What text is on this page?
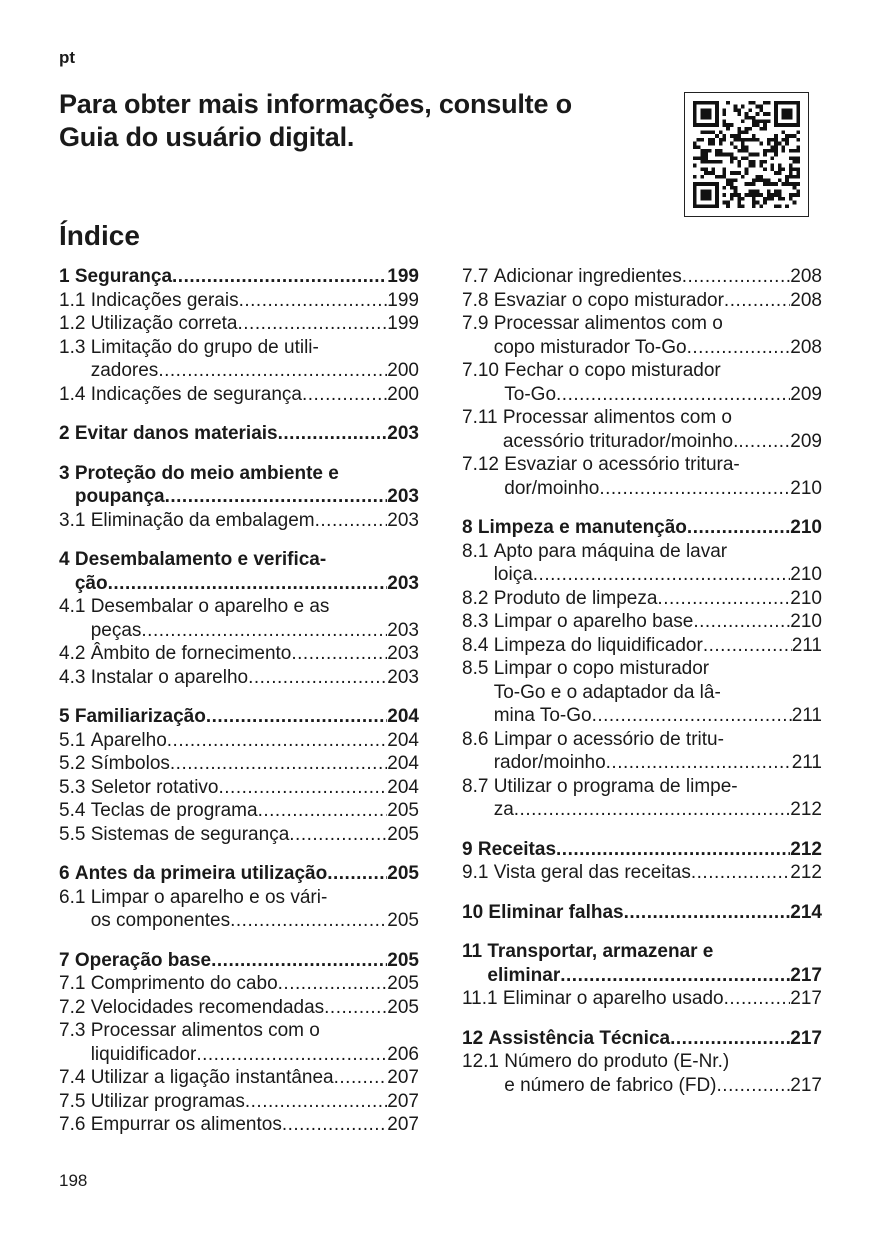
pt
Para obter mais informações, consulte o
Guia do usuário digital.
Índice
1
Segurança .....	199
1.1
Indicações gerais .....	199
1.2
Utilização correta .....	199
1.3
Limitação do grupo de utili-
zadores .....	200
1.4
Indicações de segurança .....	200
2
Evitar danos materiais .....	203
3
Proteção do meio ambiente e
poupança .....	203
3.1
Eliminação da embalagem .....	203
4
Desembalamento e verifica-
ção .....	203
4.1
Desembalar o aparelho e as
peças .....	203
4.2
Âmbito de fornecimento .....	203
4.3
Instalar o aparelho .....	203
5
Familiarização .....	204
5.1
Aparelho .....	204
5.2
Símbolos .....	204
5.3
Seletor rotativo .....	204
5.4
Teclas de programa .....	205
5.5
Sistemas de segurança .....	205
6
Antes da primeira utilização .....	205
6.1
Limpar o aparelho e os vári-
os componentes .....	205
7
Operação base .....	205
7.1
Comprimento do cabo .....	205
7.2
Velocidades recomendadas .....	205
7.3
Processar alimentos com o
liquidificador .....	206
7.4
Utilizar a ligação instantânea .....	207
7.5
Utilizar programas .....	207
7.6
Empurrar os alimentos .....	207
7.7
Adicionar ingredientes .....	208
7.8
Esvaziar o copo misturador .....	208
7.9
Processar alimentos com o
copo misturador To-Go .....	208
7.10
Fechar o copo misturador
To-Go .....	209
7.11
Processar alimentos com o
acessório triturador/moinho. .....	209
7.12
Esvaziar o acessório tritura-
dor/moinho .....	210
8
Limpeza e manutenção .....	210
8.1
Apto para máquina de lavar
loiça .....	210
8.2
Produto de limpeza .....	210
8.3
Limpar o aparelho base .....	210
8.4
Limpeza do liquidificador .....	211
8.5
Limpar o copo misturador
To-Go e o adaptador da lâ-
mina To-Go .....	211
8.6
Limpar o acessório de tritu-
rador/moinho .....	211
8.7
Utilizar o programa de limpe-
za .....	212
9
Receitas .....	212
9.1
Vista geral das receitas .....	212
10
Eliminar falhas .....	214
11
Transportar, armazenar e
eliminar .....	217
11.1
Eliminar o aparelho usado .....	217
12
Assistência Técnica .....	217
12.1
Número do produto (E-Nr.)
e número de fabrico (FD) .....	217
198
